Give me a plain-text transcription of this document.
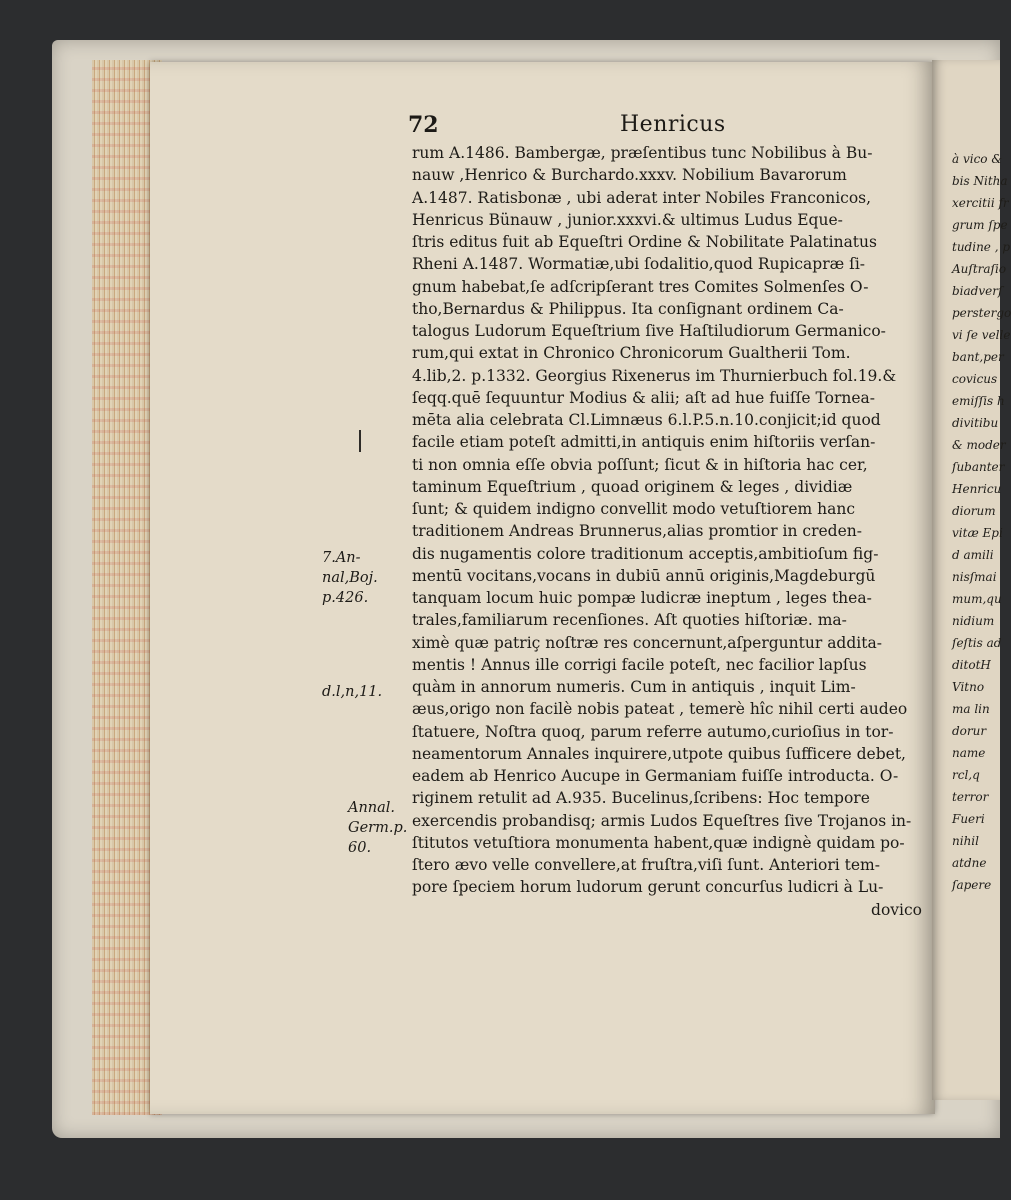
72	Henricus
rum A.1486. Bambergæ, præſentibus tunc Nobilibus à Bu-
nauw ,Henrico & Burchardo.xxxv. Nobilium Bavarorum
A.1487. Ratisbonæ , ubi aderat inter Nobiles Franconicos,
Henricus Bünauw , junior.xxxvi.& ultimus Ludus Eque-
ſtris editus fuit ab Equeſtri Ordine & Nobilitate Palatinatus
Rheni A.1487. Wormatiæ,ubi ſodalitio,quod Rupicapræ ſi-
gnum habebat,ſe adſcripſerant tres Comites Solmenſes O-
tho,Bernardus & Philippus. Ita conſignant ordinem Ca-
talogus Ludorum Equeſtrium ſive Haſtiludiorum Germanico-
rum,qui extat in Chronico Chronicorum Gualtherii Tom.
4.lib,2. p.1332. Georgius Rixenerus im Thurnierbuch fol.19.&
ſeqq.quē ſequuntur Modius & alii; aſt ad hue fuiſſe Tornea-
mēta alia celebrata Cl.Limnæus 6.l.P.5.n.10.conjicit;id quod
facile etiam poteſt admitti,in antiquis enim hiſtoriis verſan-
ti non omnia eſſe obvia poſſunt; ſicut & in hiſtoria hac cer,
taminum Equeſtrium , quoad originem & leges , dividiæ
ſunt; & quidem indigno convellit modo vetuſtiorem hanc
traditionem Andreas Brunnerus,alias promtior in creden-
dis nugamentis colore traditionum acceptis,ambitioſum fig-
mentū vocitans,vocans in dubiū annū originis,Magdeburgū
tanquam locum huic pompæ ludicræ ineptum , leges thea-
trales,familiarum recenſiones. Aſt quoties hiſtoriæ. ma-
ximè quæ patriç noſtræ res concernunt,aſperguntur addita-
mentis ! Annus ille corrigi facile poteſt, nec facilior lapſus
quàm in annorum numeris. Cum in antiquis , inquit Lim-
æus,origo non facilè nobis pateat , temerè hîc nihil certi audeo
ſtatuere, Noſtra quoq, parum referre autumo,curioſius in tor-
neamentorum Annales inquirere,utpote quibus ſufficere debet,
eadem ab Henrico Aucupe in Germaniam fuiſſe introducta. O-
riginem retulit ad A.935. Bucelinus,ſcribens: Hoc tempore
exercendis probandisq; armis Ludos Equeſtres ſive Trojanos in-
ſtitutos vetuſtiora monumenta habent,quæ indignè quidam po-
ſtero ævo velle convellere,at fruſtra,viſi ſunt. Anteriori tem-
pore ſpeciem horum ludorum gerunt concurſus ludicri à Lu-
dovico
7.An-
nal,Boj.
p.426.
d.l,n,11.
Annal.
Germ.p.
60.
à vico &
bis Nitha
xercitii fr
grum ſpe
tudine , p
Auſtraſio
biadverſ
perstergo
vi ſe velle
bant,per
covicus
emiſſis h
divitibu
& moder
ſubanter
Henricu
diorum
vitæ Epi
d amili
nisſmai
mum,qu
nidium
ſeſtis ad
ditotH
Vitno
ma lin
dorur
name
rcl,q
terror
Fueri
nihil
atdne
ſapere
